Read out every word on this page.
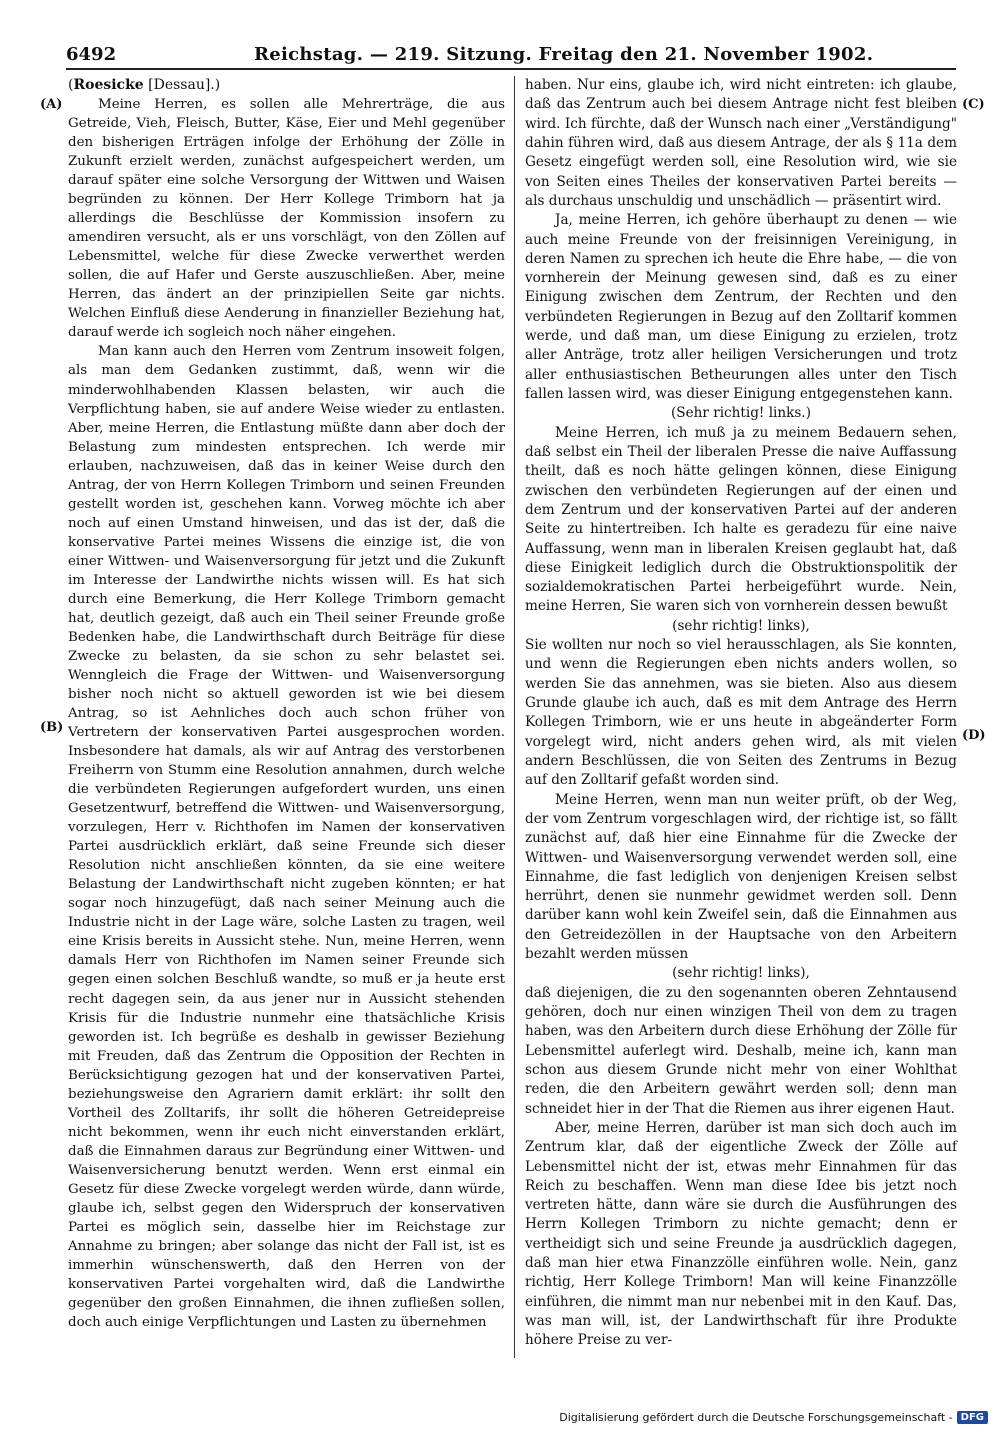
6492	Reichstag. — 219. Sitzung. Freitag den 21. November 1902.
(A)
(B)
(C)
(D)

(Roesicke [Dessau].)

Meine Herren, es sollen alle Mehrerträge, die aus Getreide, Vieh, Fleisch, Butter, Käse, Eier und Mehl gegenüber den bisherigen Erträgen infolge der Erhöhung der Zölle in Zukunft erzielt werden, zunächst aufgespeichert werden, um darauf später eine solche Versorgung der Wittwen und Waisen begründen zu können. Der Herr Kollege Trimborn hat ja allerdings die Beschlüsse der Kommission insofern zu amendiren versucht, als er uns vorschlägt, von den Zöllen auf Lebensmittel, welche für diese Zwecke verwerthet werden sollen, die auf Hafer und Gerste auszuschließen. Aber, meine Herren, das ändert an der prinzipiellen Seite gar nichts. Welchen Einfluß diese Aenderung in finanzieller Beziehung hat, darauf werde ich sogleich noch näher eingehen.

Man kann auch den Herren vom Zentrum insoweit folgen, als man dem Gedanken zustimmt, daß, wenn wir die minderwohlhabenden Klassen belasten, wir auch die Verpflichtung haben, sie auf andere Weise wieder zu entlasten. Aber, meine Herren, die Entlastung müßte dann aber doch der Belastung zum mindesten entsprechen. Ich werde mir erlauben, nachzuweisen, daß das in keiner Weise durch den Antrag, der von Herrn Kollegen Trimborn und seinen Freunden gestellt worden ist, geschehen kann. Vorweg möchte ich aber noch auf einen Umstand hinweisen, und das ist der, daß die konservative Partei meines Wissens die einzige ist, die von einer Wittwen- und Waisenversorgung für jetzt und die Zukunft im Interesse der Landwirthe nichts wissen will. Es hat sich durch eine Bemerkung, die Herr Kollege Trimborn gemacht hat, deutlich gezeigt, daß auch ein Theil seiner Freunde große Bedenken habe, die Landwirthschaft durch Beiträge für diese Zwecke zu belasten, da sie schon zu sehr belastet sei. Wenngleich die Frage der Wittwen- und Waisenversorgung bisher noch nicht so aktuell geworden ist wie bei diesem Antrag, so ist Aehnliches doch auch schon früher von Vertretern der konservativen Partei ausgesprochen worden. Insbesondere hat damals, als wir auf Antrag des verstorbenen Freiherrn von Stumm eine Resolution annahmen, durch welche die verbündeten Regierungen aufgefordert wurden, uns einen Gesetzentwurf, betreffend die Wittwen- und Waisenversorgung, vorzulegen, Herr v. Richthofen im Namen der konservativen Partei ausdrücklich erklärt, daß seine Freunde sich dieser Resolution nicht anschließen könnten, da sie eine weitere Belastung der Landwirthschaft nicht zugeben könnten; er hat sogar noch hinzugefügt, daß nach seiner Meinung auch die Industrie nicht in der Lage wäre, solche Lasten zu tragen, weil eine Krisis bereits in Aussicht stehe. Nun, meine Herren, wenn damals Herr von Richthofen im Namen seiner Freunde sich gegen einen solchen Beschluß wandte, so muß er ja heute erst recht dagegen sein, da aus jener nur in Aussicht stehenden Krisis für die Industrie nunmehr eine thatsächliche Krisis geworden ist. Ich begrüße es deshalb in gewisser Beziehung mit Freuden, daß das Zentrum die Opposition der Rechten in Berücksichtigung gezogen hat und der konservativen Partei, beziehungsweise den Agrariern damit erklärt: ihr sollt den Vortheil des Zolltarifs, ihr sollt die höheren Getreidepreise nicht bekommen, wenn ihr euch nicht einverstanden erklärt, daß die Einnahmen daraus zur Begründung einer Wittwen- und Waisenversicherung benutzt werden. Wenn erst einmal ein Gesetz für diese Zwecke vorgelegt werden würde, dann würde, glaube ich, selbst gegen den Widerspruch der konservativen Partei es möglich sein, dasselbe hier im Reichstage zur Annahme zu bringen; aber solange das nicht der Fall ist, ist es immerhin wünschenswerth, daß den Herren von der konservativen Partei vorgehalten wird, daß die Landwirthe gegenüber den großen Einnahmen, die ihnen zufließen sollen, doch auch einige Verpflichtungen und Lasten zu übernehmen

haben. Nur eins, glaube ich, wird nicht eintreten: ich glaube, daß das Zentrum auch bei diesem Antrage nicht fest bleiben wird. Ich fürchte, daß der Wunsch nach einer „Verständigung" dahin führen wird, daß aus diesem Antrage, der als § 11a dem Gesetz eingefügt werden soll, eine Resolution wird, wie sie von Seiten eines Theiles der konservativen Partei bereits — als durchaus unschuldig und unschädlich — präsentirt wird.

Ja, meine Herren, ich gehöre überhaupt zu denen — wie auch meine Freunde von der freisinnigen Vereinigung, in deren Namen zu sprechen ich heute die Ehre habe, — die von vornherein der Meinung gewesen sind, daß es zu einer Einigung zwischen dem Zentrum, der Rechten und den verbündeten Regierungen in Bezug auf den Zolltarif kommen werde, und daß man, um diese Einigung zu erzielen, trotz aller Anträge, trotz aller heiligen Versicherungen und trotz aller enthusiastischen Betheurungen alles unter den Tisch fallen lassen wird, was dieser Einigung entgegenstehen kann.

(Sehr richtig! links.)

Meine Herren, ich muß ja zu meinem Bedauern sehen, daß selbst ein Theil der liberalen Presse die naive Auffassung theilt, daß es noch hätte gelingen können, diese Einigung zwischen den verbündeten Regierungen auf der einen und dem Zentrum und der konservativen Partei auf der anderen Seite zu hintertreiben. Ich halte es geradezu für eine naive Auffassung, wenn man in liberalen Kreisen geglaubt hat, daß diese Einigkeit lediglich durch die Obstruktionspolitik der sozialdemokratischen Partei herbeigeführt wurde. Nein, meine Herren, Sie waren sich von vornherein dessen bewußt

(sehr richtig! links),

Sie wollten nur noch so viel herausschlagen, als Sie konnten, und wenn die Regierungen eben nichts anders wollen, so werden Sie das annehmen, was sie bieten. Also aus diesem Grunde glaube ich auch, daß es mit dem Antrage des Herrn Kollegen Trimborn, wie er uns heute in abgeänderter Form vorgelegt wird, nicht anders gehen wird, als mit vielen andern Beschlüssen, die von Seiten des Zentrums in Bezug auf den Zolltarif gefaßt worden sind.

Meine Herren, wenn man nun weiter prüft, ob der Weg, der vom Zentrum vorgeschlagen wird, der richtige ist, so fällt zunächst auf, daß hier eine Einnahme für die Zwecke der Wittwen- und Waisenversorgung verwendet werden soll, eine Einnahme, die fast lediglich von denjenigen Kreisen selbst herrührt, denen sie nunmehr gewidmet werden soll. Denn darüber kann wohl kein Zweifel sein, daß die Einnahmen aus den Getreidezöllen in der Hauptsache von den Arbeitern bezahlt werden müssen

(sehr richtig! links),

daß diejenigen, die zu den sogenannten oberen Zehntausend gehören, doch nur einen winzigen Theil von dem zu tragen haben, was den Arbeitern durch diese Erhöhung der Zölle für Lebensmittel auferlegt wird. Deshalb, meine ich, kann man schon aus diesem Grunde nicht mehr von einer Wohlthat reden, die den Arbeitern gewährt werden soll; denn man schneidet hier in der That die Riemen aus ihrer eigenen Haut.

Aber, meine Herren, darüber ist man sich doch auch im Zentrum klar, daß der eigentliche Zweck der Zölle auf Lebensmittel nicht der ist, etwas mehr Einnahmen für das Reich zu beschaffen. Wenn man diese Idee bis jetzt noch vertreten hätte, dann wäre sie durch die Ausführungen des Herrn Kollegen Trimborn zu nichte gemacht; denn er vertheidigt sich und seine Freunde ja ausdrücklich dagegen, daß man hier etwa Finanzzölle einführen wolle. Nein, ganz richtig, Herr Kollege Trimborn! Man will keine Finanzzölle einführen, die nimmt man nur nebenbei mit in den Kauf. Das, was man will, ist, der Landwirthschaft für ihre Produkte höhere Preise zu ver-

Digitalisierung gefördert durch die Deutsche Forschungsgemeinschaft - DFG
